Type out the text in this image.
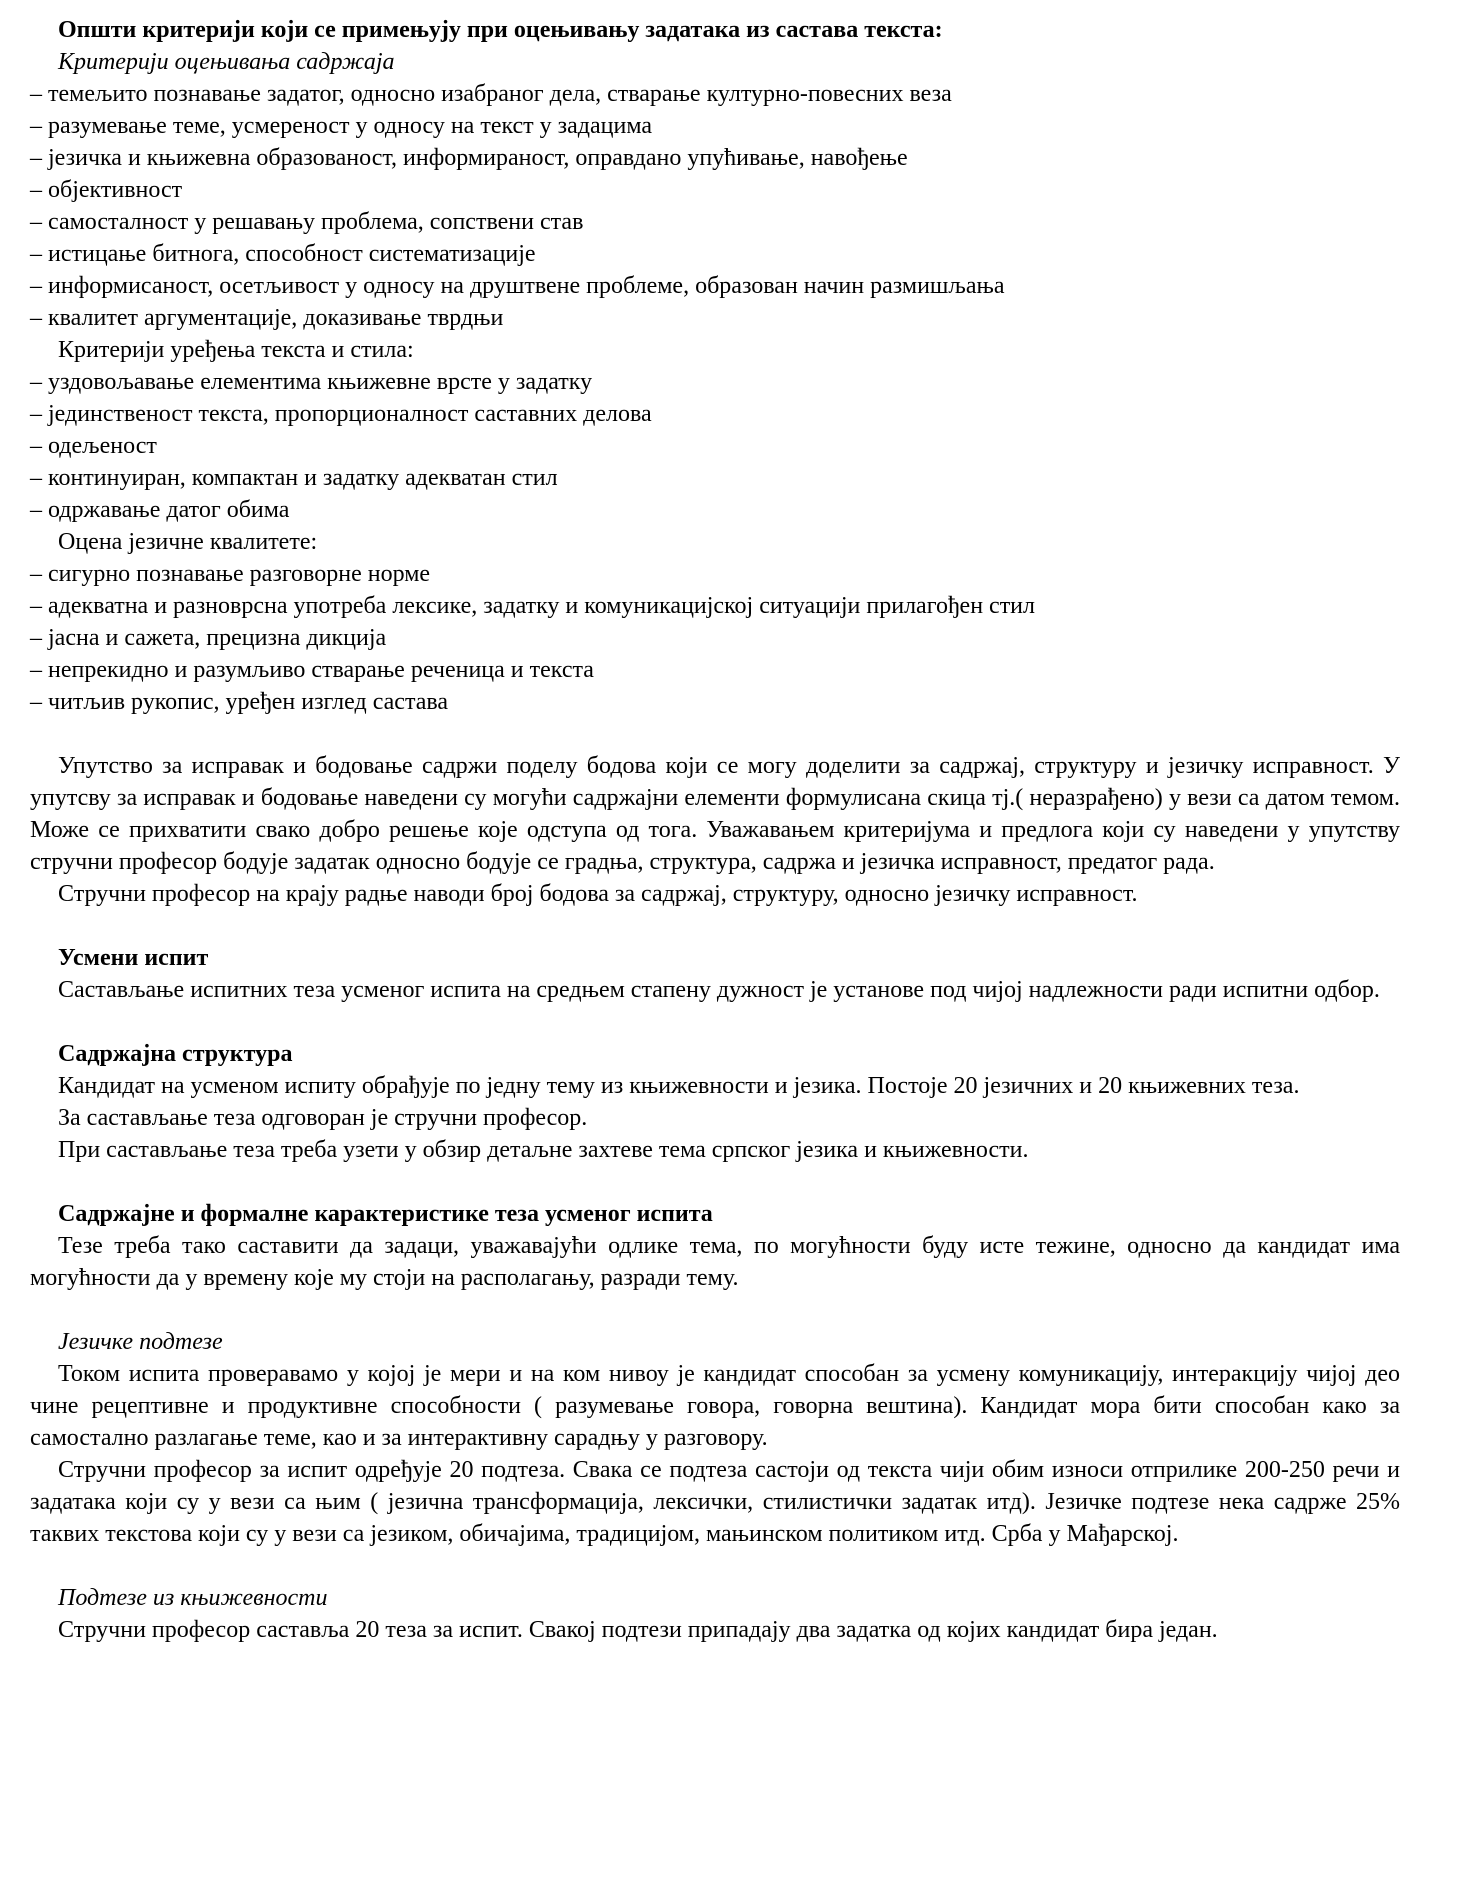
Општи критерији који се примењују при оцењивању задатака из састава текста:
Критерији оцењивања садржаја
– темељито познавање задатог, односно изабраног дела, стварање културно-повесних веза
– разумевање теме, усмереност у односу на текст у задацима
– језичка и књижевна образованост, информираност, оправдано упућивање, навођење
– објективност
– самосталност у решавању проблема, сопствени став
– истицање битнога, способност систематизације
– информисаност, осетљивост у односу на друштвене проблеме, образован начин размишљања
– квалитет аргументације, доказивање тврдњи
Критерији уређења текста и стила:
– уздовољавање елементима књижевне врсте у задатку
– јединственост текста, пропорционалност саставних делова
– одељеност
– континуиран, компактан и задатку адекватан стил
– одржавање датог обима
Оцена језичне квалитете:
– сигурно познавање разговорне норме
– адекватна и разноврсна употреба лексике, задатку и комуникацијској ситуацији прилагођен стил
– јасна и сажета, прецизна дикција
– непрекидно и разумљиво стварање реченица и текста
– читљив рукопис, уређен изглед састава

Упутство за исправак и бодовање садржи поделу бодова који се могу доделити за садржај, структуру и језичку исправност. У упутсву за исправак и бодовање наведени су могући садржајни елементи формулисана скица тј.( неразрађено) у вези са датом темом. Може се прихватити свако добро решење које одступа од тога. Уважавањем критеријума и предлога који су наведени у упутству стручни професор бодује задатак односно бодује се градња, структура, садржа и језичка исправност, предатог рада.

Стручни професор на крају радње наводи број бодова за садржај, структуру, односно језичку исправност.

Усмени испит

Састављање испитних теза усменог испита на средњем стапену дужност је установе под чијој надлежности ради испитни одбор.

Садржајна структура

Кандидат на усменом испиту обрађује по једну тему из књижевности и језика. Постоје 20 језичних и 20 књижевних теза.

За састављање теза одговоран је стручни професор.
При састављање теза треба узети у обзир детаљне захтеве тема српског језика и књижевности.
Садржајне и формалне карактеристике теза усменог испита

Тезе треба тако саставити да задаци, уважавајући одлике тема, по могућности буду исте тежине, односно да кандидат има могућности да у времену које му стоји на располагању, разради тему.

Језичке подтезе

Током испита проверавамо у којој је мери и на ком нивоу је кандидат способан за усмену комуникацију, интеракцију чијој део чине рецептивне и продуктивне способности ( разумевање говора, говорна вештина). Кандидат мора бити способан како за самостално разлагање теме, као и за интерактивну сарадњу у разговору.

Стручни професор за испит одређује 20 подтеза. Свака се подтеза састоји од текста чији обим износи отприлике 200-250 речи и задатака који су у вези са њим ( језична трансформација, лексички, стилистички задатак итд). Језичке подтезе нека садрже 25% таквих текстова који су у вези са језиком, обичајима, традицијом, мањинском политиком итд. Срба у Мађарској.

Подтезе из књижевности

Стручни професор саставља 20 теза за испит. Свакој подтези припадају два задатка од којих кандидат бира један.
